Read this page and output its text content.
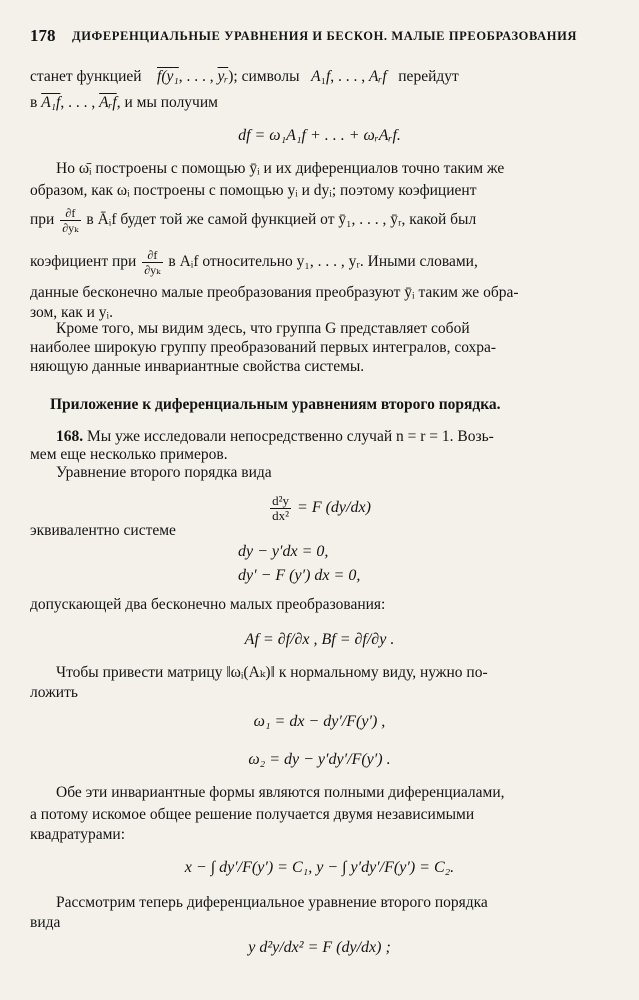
178 ДИФЕРЕНЦИАЛЬНЫЕ УРАВНЕНИЯ И БЕСКОН. МАЛЫЕ ПРЕОБРАЗОВАНИЯ
станет функцией f(y₁, . . . , $\overline{yᵣ}$); символы A₁f, . . . , Aᵣf перейдут
в A₁f, . . . , $\overline{Aᵣf}$, и мы получим
df = ω₁A₁f + . . . + ωᵣAᵣf.
Но ω̄ᵢ построены с помощью ȳᵢ и их диференциалов точно таким же
образом, как ωᵢ построены с помощью yᵢ и dyᵢ; поэтому коэфициент
при $\frac{\partial f}{\text{∂yₖ}}$ в Āᵢf будет той же самой функцией от ȳ₁, . . . , ȳᵣ, какой был
коэфициент при $\frac{\partial f}{\text{∂yₖ}}$ в Aᵢf относительно y₁, . . . , yᵣ. Иными словами,
данные бесконечно малые преобразования преобразуют ȳᵢ таким же обра-
зом, как и yᵢ.
Кроме того, мы видим здесь, что группа G представляет собой
наиболее широкую группу преобразований первых интегралов, сохра-
няющую данные инвариантные свойства системы.
Приложение к диференциальным уравнениям второго порядка.
168. Мы уже исследовали непосредственно случай n = r = 1. Возь-
мем еще несколько примеров.
Уравнение второго порядка вида
$\frac{\text{d²y}}{\text{dx²}} = F$ (dy/dx)
эквивалентно системе
dy − y′dx = 0,
dy′ − F (y′) dx = 0,
допускающей два бесконечно малых преобразования:
Af = ∂f/∂x , Bf = ∂f/∂y .
Чтобы привести матрицу ‖ωᵢ(Aₖ)‖ к нормальному виду, нужно по-
ложить
ω₁ = dx − dy′/F(y′) ,
ω₂ = dy − y′dy′/F(y′) .
Обе эти инвариантные формы являются полными диференциалами,
а потому искомое общее решение получается двумя независимыми
квадратурами:
x − ∫ dy′/F(y′) = C₁, y − ∫ y′dy′/F(y′) = C₂.
Рассмотрим теперь диференциальное уравнение второго порядка
вида
y d²y/dx² = F (dy/dx) ;
